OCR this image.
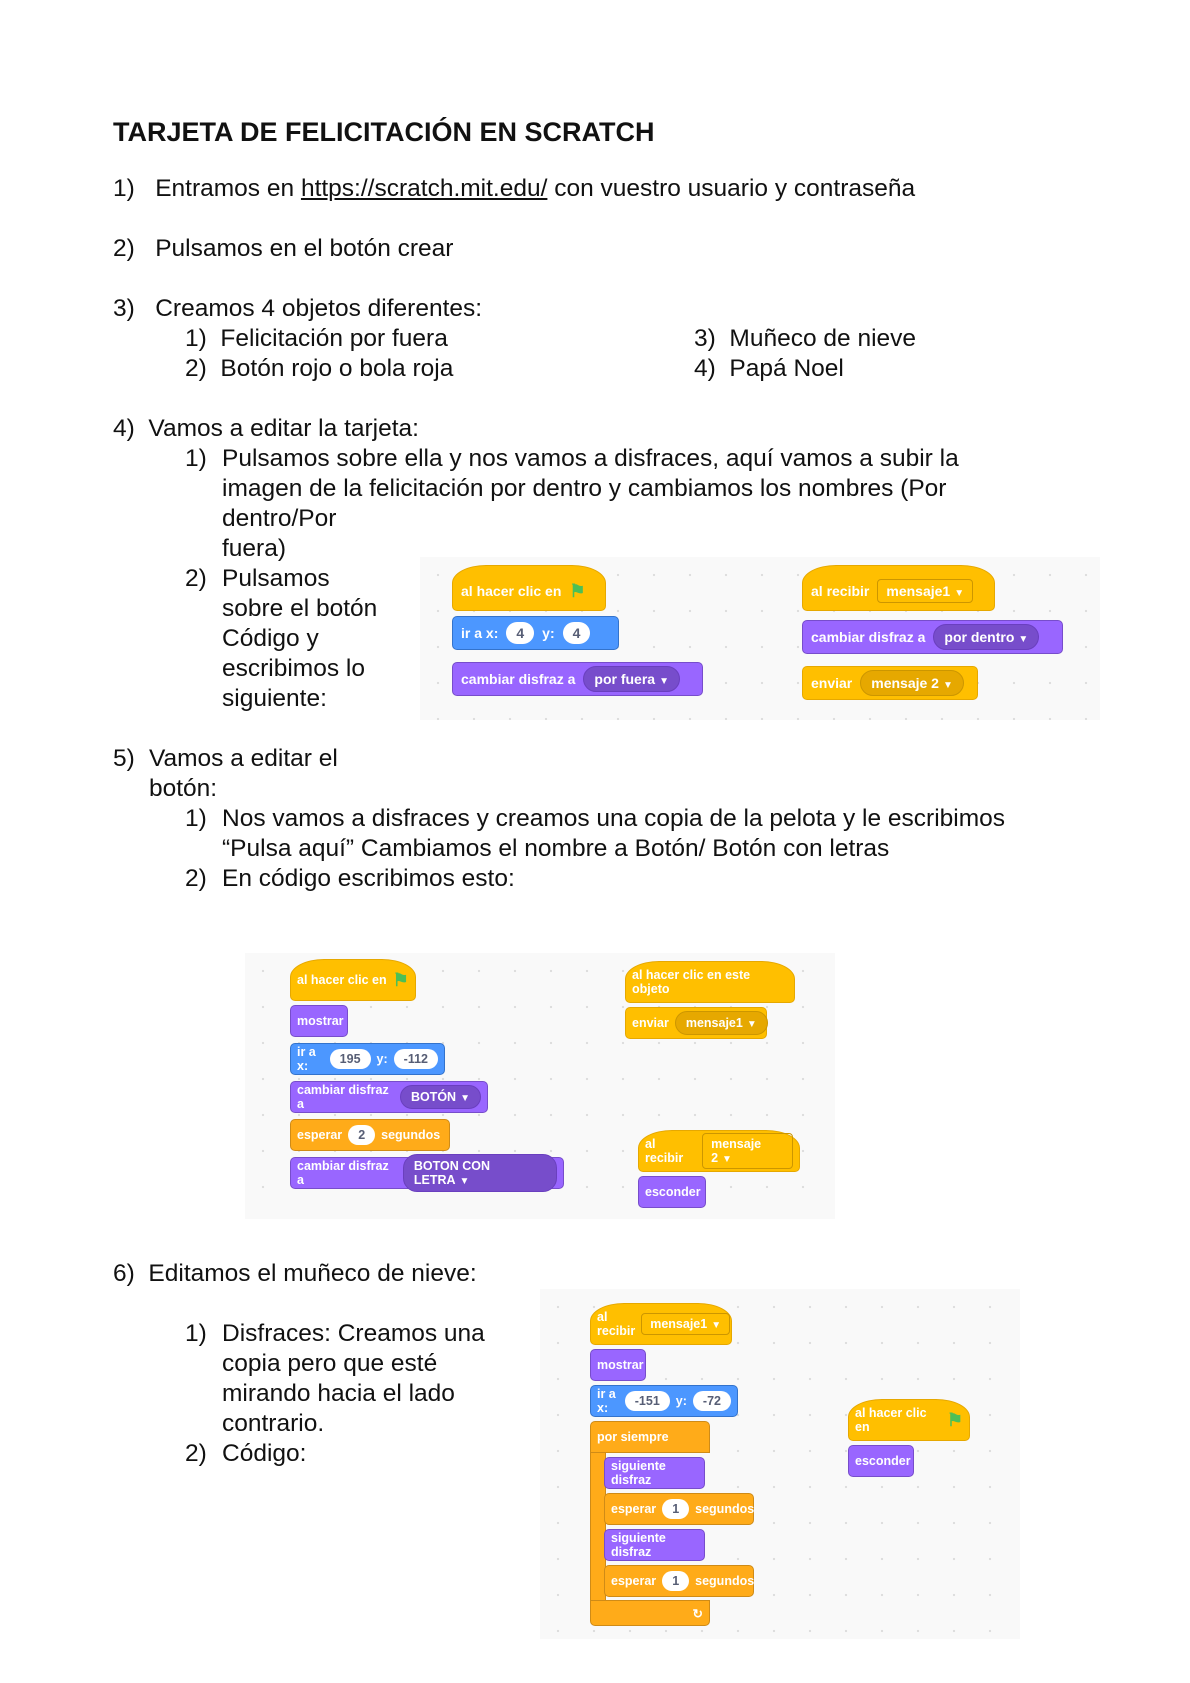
TARJETA DE FELICITACIÓN EN SCRATCH
1) Entramos en https://scratch.mit.edu/ con vuestro usuario y contraseña
2) Pulsamos en el botón crear
3) Creamos 4 objetos diferentes:
1) Felicitación por fuera
2) Botón rojo o bola roja
3) Muñeco de nieve
4) Papá Noel
4) Vamos a editar la tarjeta:
1) Pulsamos sobre ella y nos vamos a disfraces, aquí vamos a subir la
imagen de la felicitación por dentro y cambiamos los nombres (Por
dentro/Por
fuera)
2) Pulsamos
sobre el botón
Código y
escribimos lo
siguiente:
al hacer clic en ⚑
ir a x:	4	y:	4
cambiar disfraz a	por fuera ▼
al recibir	mensaje1 ▼
cambiar disfraz a	por dentro ▼
enviar	mensaje 2 ▼
5) Vamos a editar el
botón:
1) Nos vamos a disfraces y creamos una copia de la pelota y le escribimos
“Pulsa aquí” Cambiamos el nombre a Botón/ Botón con letras
2) En código escribimos esto:
al hacer clic en ⚑
mostrar
ir a x:	195	y:	-112
cambiar disfraz a	BOTÓN ▼
esperar	2	segundos
cambiar disfraz a
BOTON CON LETRA ▼
al hacer clic en este objeto
enviar	mensaje1 ▼
al recibir
mensaje 2 ▼
esconder
6) Editamos el muñeco de nieve:
1) Disfraces: Creamos una
copia pero que esté
mirando hacia el lado
contrario.
2) Código:
al recibir	mensaje1 ▼
mostrar
ir a x:	-151	y:	-72
por siempre
siguiente disfraz
esperar	1	segundos
siguiente disfraz
esperar	1	segundos
↻
al hacer clic en	⚑
esconder
